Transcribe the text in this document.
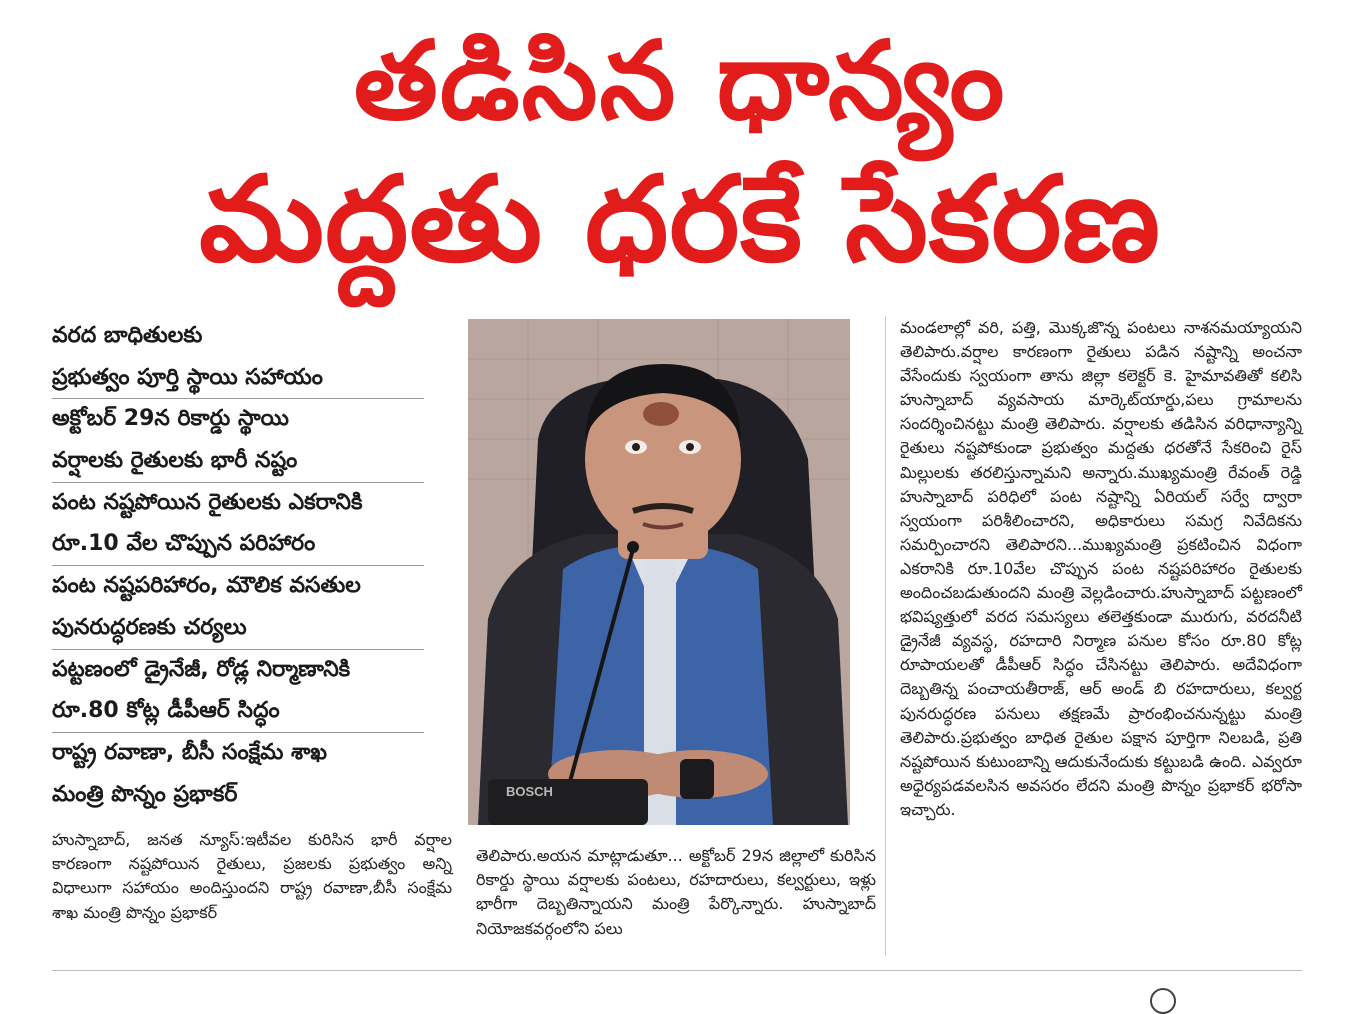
తడిసిన ధాన్యం
మద్దతు ధరకే సేకరణ
వరద బాధితులకు
ప్రభుత్వం పూర్తి స్థాయి సహాయం
అక్టోబర్ 29న రికార్డు స్థాయి
వర్షాలకు రైతులకు భారీ నష్టం
పంట నష్టపోయిన రైతులకు ఎకరానికి
రూ.10 వేల చొప్పున పరిహారం
పంట నష్టపరిహారం, మౌలిక వసతుల
పునరుద్ధరణకు చర్యలు
పట్టణంలో డ్రైనేజీ, రోడ్ల నిర్మాణానికి
రూ.80 కోట్ల డీపీఆర్ సిద్ధం
రాష్ట్ర రవాణా, బీసీ సంక్షేమ శాఖ
మంత్రి పొన్నం ప్రభాకర్	BOSCH
హుస్నాబాద్, జనత న్యూస్:ఇటీవల కురిసిన భారీ వర్షాల కారణంగా నష్టపోయిన రైతులు, ప్రజలకు ప్రభుత్వం అన్ని విధాలుగా సహాయం అందిస్తుందని రాష్ట్ర రవాణా,బీసీ సంక్షేమ శాఖ మంత్రి పొన్నం ప్రభాకర్
తెలిపారు.అయన మాట్లాడుతూ... అక్టోబర్ 29న జిల్లాలో కురిసిన రికార్డు స్థాయి వర్షాలకు పంటలు, రహదారులు, కల్వర్టులు, ఇళ్లు భారీగా దెబ్బతిన్నాయని మంత్రి పేర్కొన్నారు. హుస్నాబాద్ నియోజకవర్గంలోని పలు
మండలాల్లో వరి, పత్తి, మొక్కజొన్న పంటలు నాశనమయ్యాయని తెలిపారు.వర్షాల కారణంగా రైతులు పడిన నష్టాన్ని అంచనా వేసేందుకు స్వయంగా తాను జిల్లా కలెక్టర్ కె. హైమావతితో కలిసి హుస్నాబాద్ వ్యవసాయ మార్కెట్‌యార్డు,పలు గ్రామాలను సందర్శించినట్టు మంత్రి తెలిపారు. వర్షాలకు తడిసిన వరిధాన్యాన్ని రైతులు నష్టపోకుండా ప్రభుత్వం మద్దతు ధరతోనే సేకరించి రైస్ మిల్లులకు తరలిస్తున్నామని అన్నారు.ముఖ్యమంత్రి రేవంత్ రెడ్డి హుస్నాబాద్ పరిధిలో పంట నష్టాన్ని ఏరియల్ సర్వే ద్వారా స్వయంగా పరిశీలించారని, అధికారులు సమగ్ర నివేదికను సమర్పించారని తెలిపారని...ముఖ్యమంత్రి ప్రకటించిన విధంగా ఎకరానికి రూ.10వేల చొప్పున పంట నష్టపరిహారం రైతులకు అందించబడుతుందని మంత్రి వెల్లడించారు.హుస్నాబాద్ పట్టణంలో భవిష్యత్తులో వరద సమస్యలు తలెత్తకుండా మురుగు, వరదనీటి డ్రైనేజీ వ్యవస్థ, రహదారి నిర్మాణ పనుల కోసం రూ.80 కోట్ల రూపాయలతో డీపీఆర్ సిద్ధం చేసినట్టు తెలిపారు. అదేవిధంగా దెబ్బతిన్న పంచాయతీరాజ్, ఆర్ అండ్ బి రహదారులు, కల్వర్ట పునరుద్ధరణ పనులు తక్షణమే ప్రారంభించనున్నట్టు మంత్రి తెలిపారు.ప్రభుత్వం బాధిత రైతుల పక్షాన పూర్తిగా నిలబడి, ప్రతి నష్టపోయిన కుటుంబాన్ని ఆదుకునేందుకు కట్టుబడి ఉంది. ఎవ్వరూ అధైర్యపడవలసిన అవసరం లేదని మంత్రి పొన్నం ప్రభాకర్ భరోసా ఇచ్చారు.
